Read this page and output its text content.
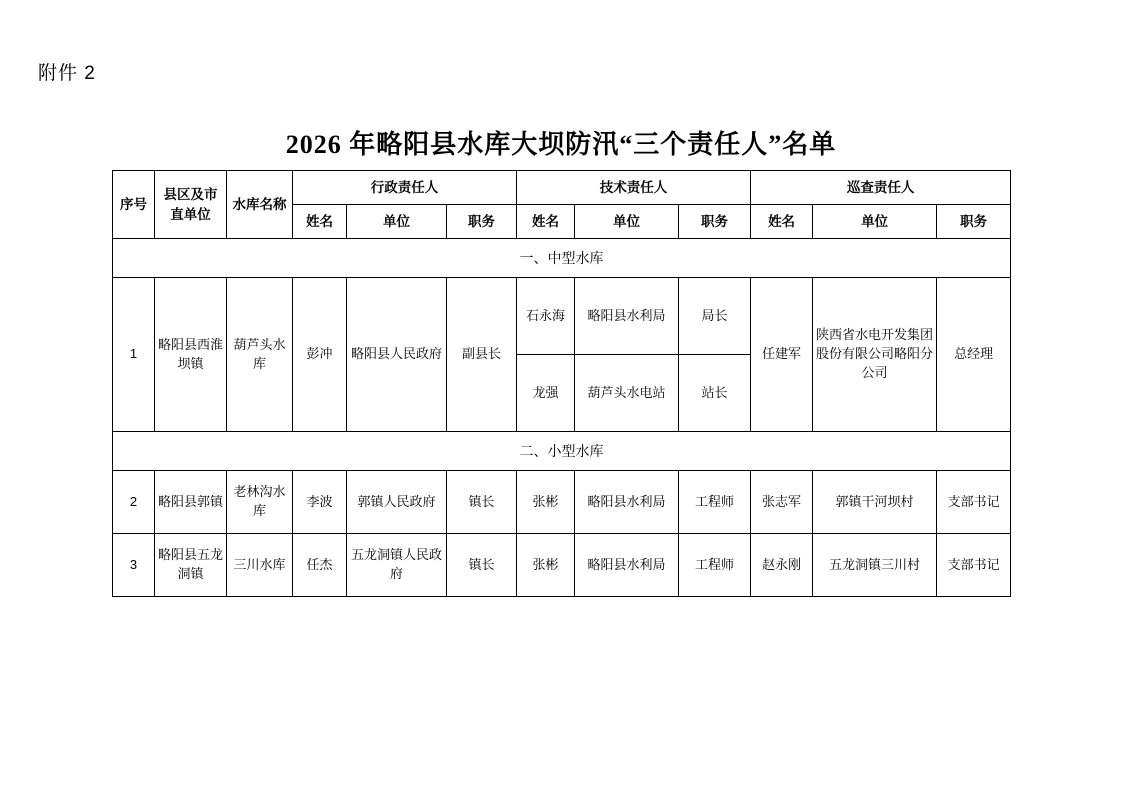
附件 2
2026 年略阳县水库大坝防汛“三个责任人”名单
序号	县区及市直单位	水库名称	行政责任人			技术责任人			巡查责任人		
			姓名	单位	职务	姓名	单位	职务	姓名	单位	职务
一、中型水库											
1	略阳县西淮坝镇	葫芦头水库	彭冲	略阳县人民政府	副县长	石永海	略阳县水利局	局长	任建军	陕西省水电开发集团股份有限公司略阳分公司	总经理
						龙强	葫芦头水电站	站长			
二、小型水库											
2	略阳县郭镇	老林沟水库	李波	郭镇人民政府	镇长	张彬	略阳县水利局	工程师	张志军	郭镇干河坝村	支部书记
3	略阳县五龙洞镇	三川水库	任杰	五龙洞镇人民政府	镇长	张彬	略阳县水利局	工程师	赵永刚	五龙洞镇三川村	支部书记
